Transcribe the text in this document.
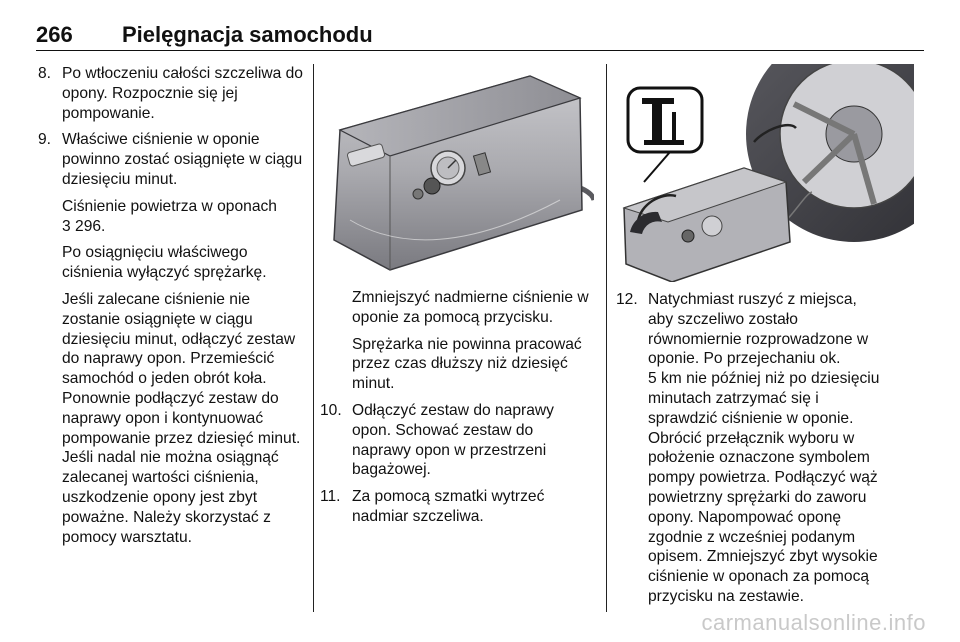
266 Pielęgnacja samochodu
8. Po wtłoczeniu całości szczeliwa do opony. Rozpocznie się jej pompowanie.
9. Właściwe ciśnienie w oponie powinno zostać osiągnięte w ciągu dziesięciu minut.

Ciśnienie powietrza w oponach
3 296.

Po osiągnięciu właściwego ciśnienia wyłączyć sprężarkę.

Jeśli zalecane ciśnienie nie zostanie osiągnięte w ciągu dziesięciu minut, odłączyć zestaw do naprawy opon. Przemieścić samochód o jeden obrót koła. Ponownie podłączyć zestaw do naprawy opon i kontynuować pompowanie przez dziesięć minut. Jeśli nadal nie można osiągnąć zalecanej wartości ciśnienia, uszkodzenie opony jest zbyt poważne. Należy skorzystać z pomocy warsztatu.

Zmniejszyć nadmierne ciśnienie w oponie za pomocą przycisku.

Sprężarka nie powinna pracować przez czas dłuższy niż dziesięć minut.

10. Odłączyć zestaw do naprawy opon. Schować zestaw do naprawy opon w przestrzeni bagażowej.
11. Za pomocą szmatki wytrzeć nadmiar szczeliwa.
12. Natychmiast ruszyć z miejsca,
aby szczeliwo zostało
równomiernie rozprowadzone w
oponie. Po przejechaniu ok.
5 km nie później niż po dziesięciu
minutach zatrzymać się i
sprawdzić ciśnienie w oponie.
Obrócić przełącznik wyboru w
położenie oznaczone symbolem
pompy powietrza. Podłączyć wąż
powietrzny sprężarki do zaworu
opony. Napompować oponę
zgodnie z wcześniej podanym
opisem. Zmniejszyć zbyt wysokie
ciśnienie w oponach za pomocą
przycisku na zestawie.
carmanualsonline.info
